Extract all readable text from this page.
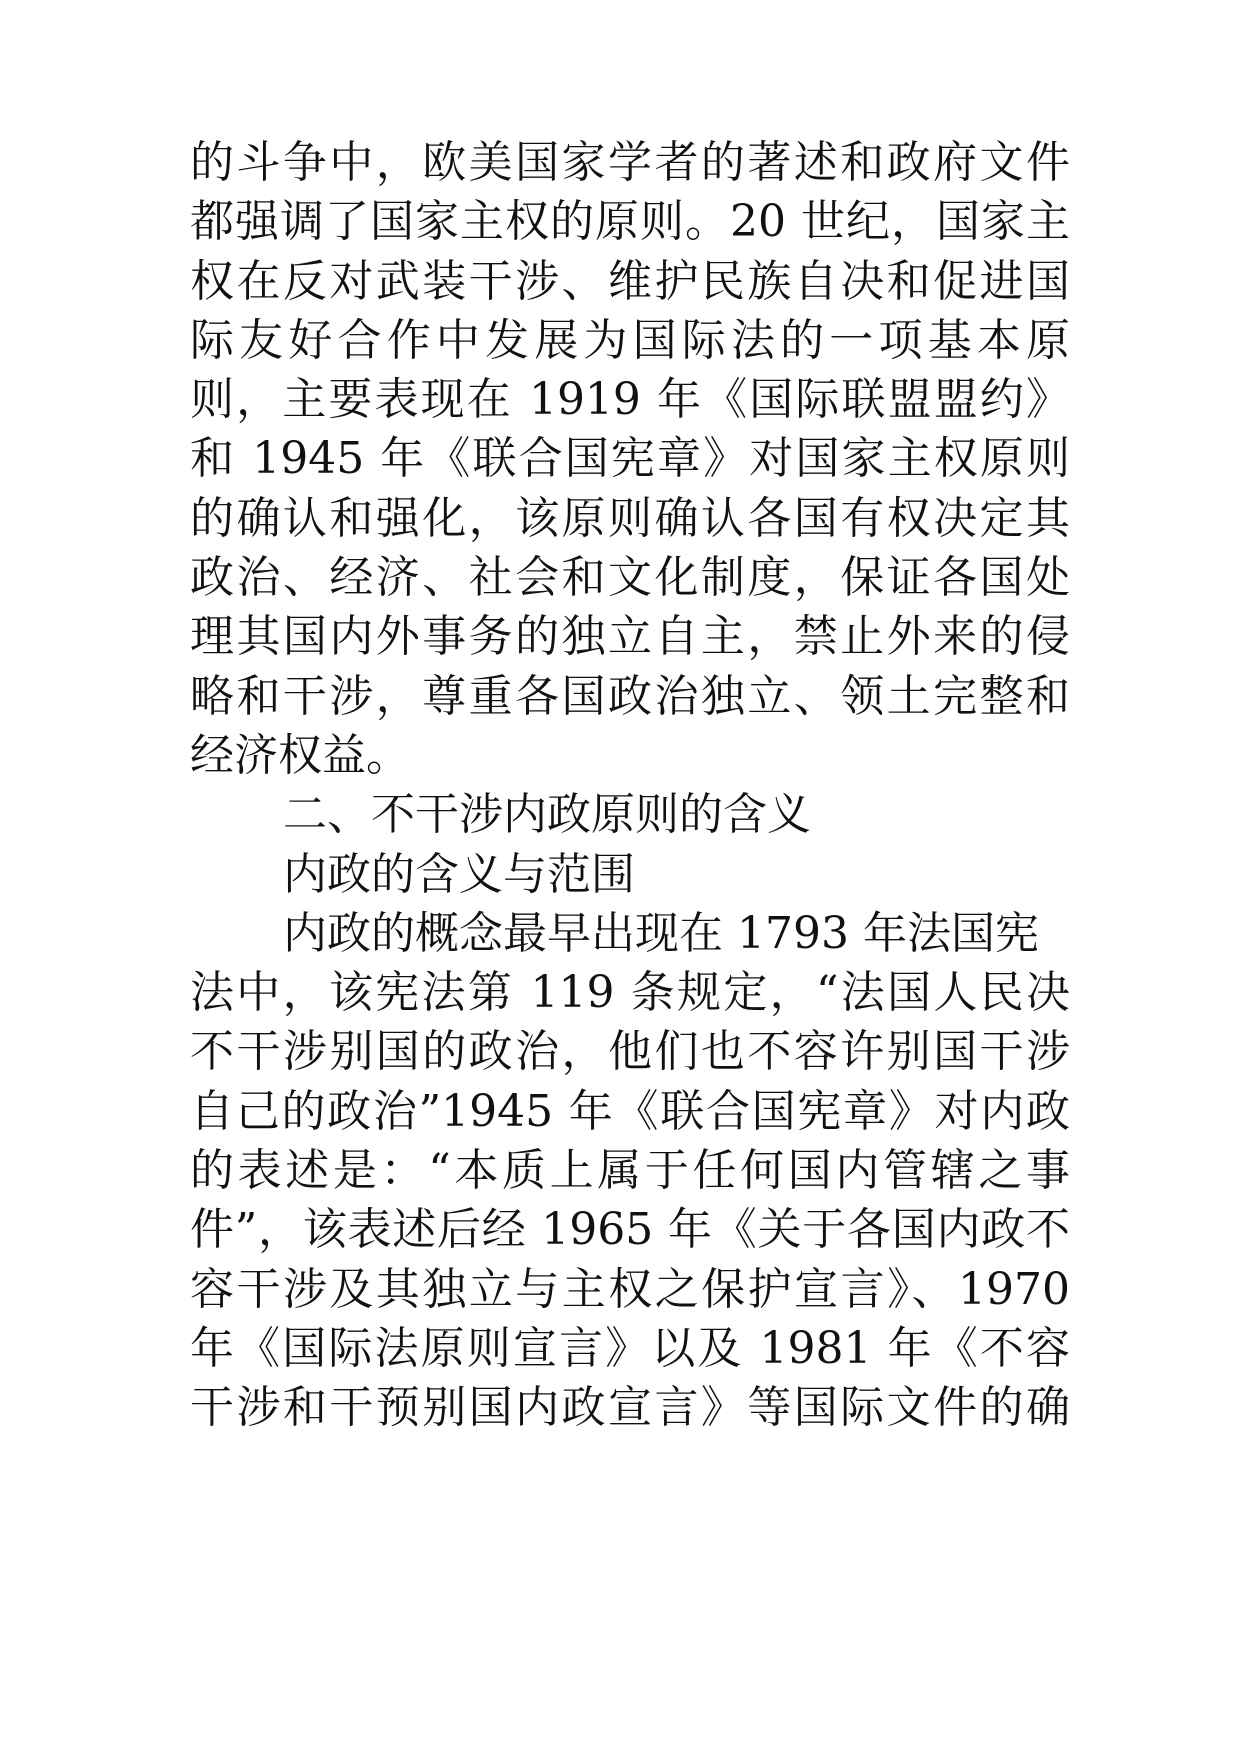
的斗争中，欧美国家学者的著述和政府文件
都强调了国家主权的原则。20 世纪，国家主
权在反对武装干涉、维护民族自决和促进国
际友好合作中发展为国际法的一项基本原
则，主要表现在 1919 年《国际联盟盟约》
和 1945 年《联合国宪章》对国家主权原则
的确认和强化，该原则确认各国有权决定其
政治、经济、社会和文化制度，保证各国处
理其国内外事务的独立自主，禁止外来的侵
略和干涉，尊重各国政治独立、领土完整和
经济权益。
二、不干涉内政原则的含义
内政的含义与范围
内政的概念最早出现在 1793 年法国宪
法中，该宪法第 119 条规定，“法国人民决
不干涉别国的政治，他们也不容许别国干涉
自己的政治”1945 年《联合国宪章》对内政
的表述是：“本质上属于任何国内管辖之事
件”，该表述后经 1965 年《关于各国内政不
容干涉及其独立与主权之保护宣言》、1970
年《国际法原则宣言》以及 1981 年《不容
干涉和干预别国内政宣言》等国际文件的确
